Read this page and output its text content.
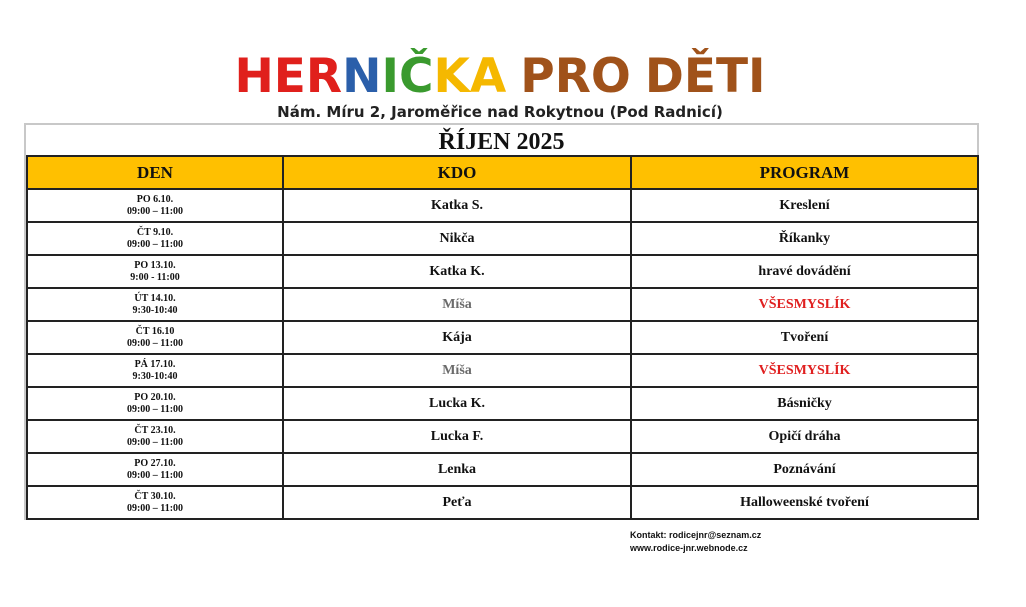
HERNIČKA PRO DĚTI
Nám. Míru 2, Jaroměřice nad Rokytnou (Pod Radnicí)
ŘÍJEN 2025
DEN	KDO	PROGRAM

PO 6.10.
09:00 – 11:00	Katka S.	Kreslení

ČT 9.10.
09:00 – 11:00	Nikča	Říkanky

PO 13.10.
9:00 - 11:00	Katka K.	hravé dovádění

ÚT 14.10.
9:30-10:40	Míša	VŠESMYSLÍK

ČT 16.10
09:00 – 11:00	Kája	Tvoření

PÁ 17.10.
9:30-10:40	Míša	VŠESMYSLÍK

PO 20.10.
09:00 – 11:00	Lucka K.	Básničky

ČT 23.10.
09:00 – 11:00	Lucka F.	Opičí dráha

PO 27.10.
09:00 – 11:00	Lenka	Poznávání

ČT 30.10.
09:00 – 11:00	Peťa	Halloweenské tvoření
Kontakt: rodicejnr@seznam.cz
www.rodice-jnr.webnode.cz
